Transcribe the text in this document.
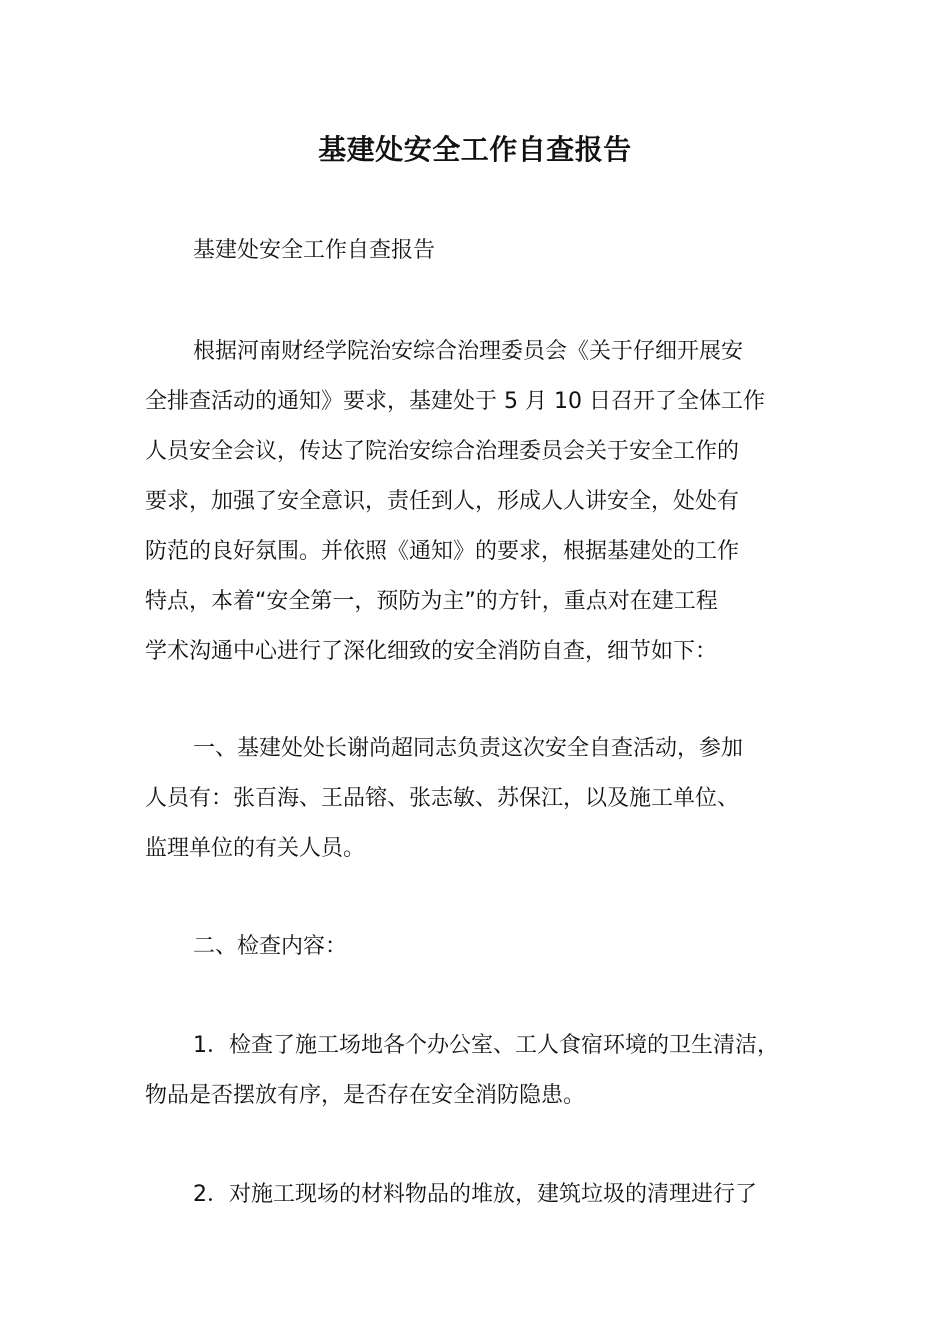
基建处安全工作自查报告
基建处安全工作自查报告
根据河南财经学院治安综合治理委员会《关于仔细开展安
全排查活动的通知》要求，基建处于 5 月 10 日召开了全体工作
人员安全会议，传达了院治安综合治理委员会关于安全工作的
要求，加强了安全意识，责任到人，形成人人讲安全，处处有
防范的良好氛围。并依照《通知》的要求，根据基建处的工作
特点，本着“安全第一，预防为主”的方针，重点对在建工程
学术沟通中心进行了深化细致的安全消防自查，细节如下：
一、基建处处长谢尚超同志负责这次安全自查活动，参加
人员有：张百海、王品镕、张志敏、苏保江，以及施工单位、
监理单位的有关人员。
二、检查内容：
1．检查了施工场地各个办公室、工人食宿环境的卫生清洁，
物品是否摆放有序，是否存在安全消防隐患。
2．对施工现场的材料物品的堆放，建筑垃圾的清理进行了
